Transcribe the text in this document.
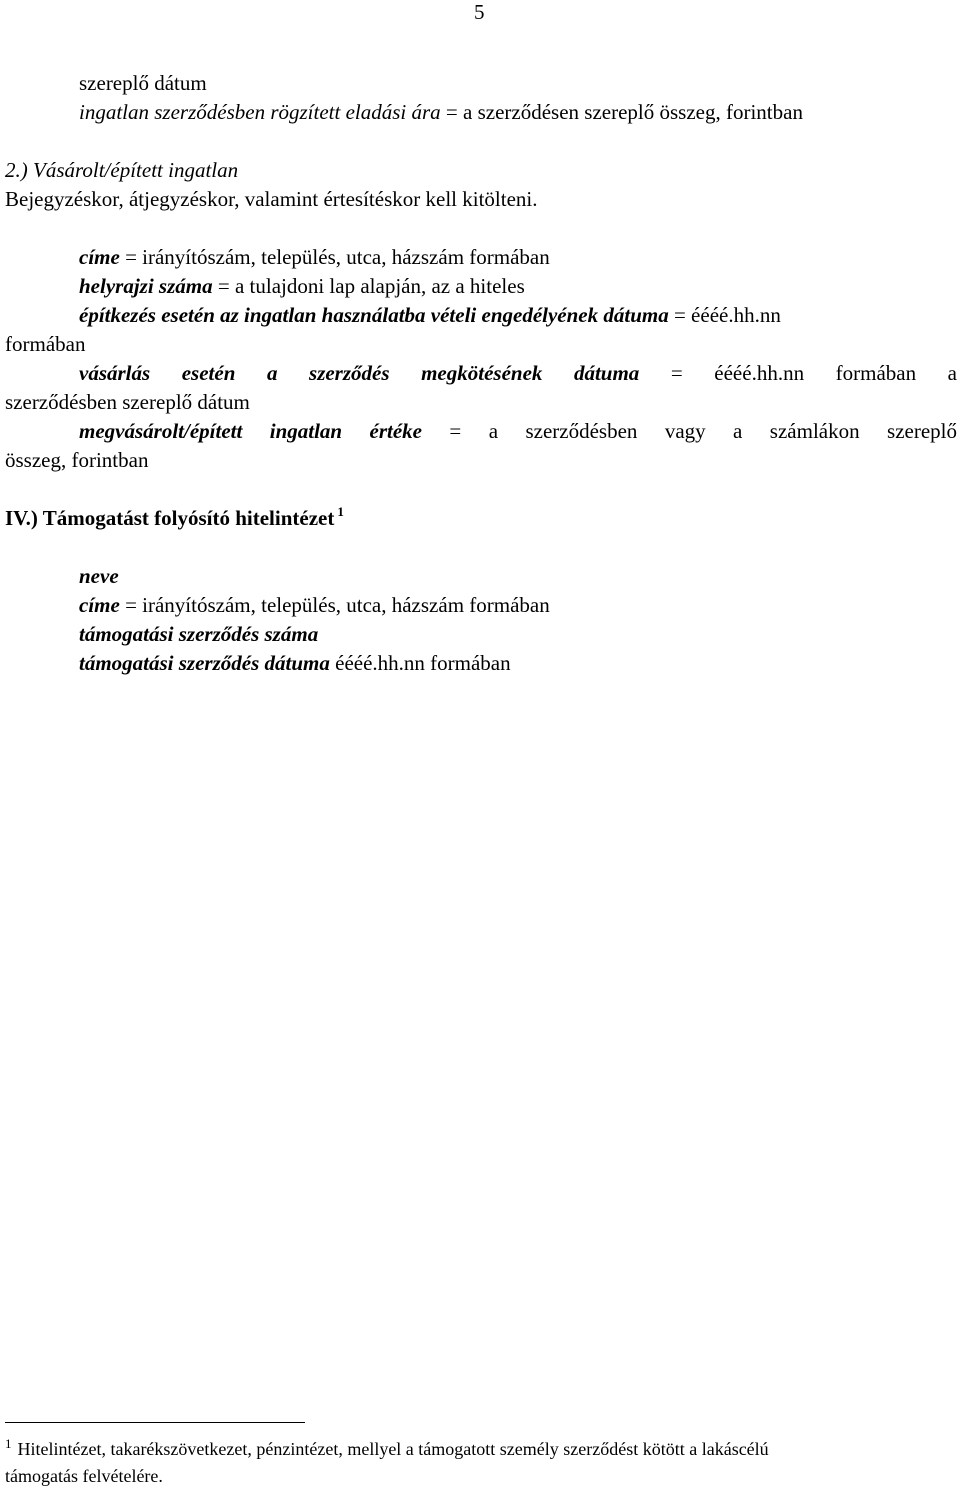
5
szereplő dátum
ingatlan szerződésben rögzített eladási ára = a szerződésen szereplő összeg, forintban
2.) Vásárolt/épített ingatlan
Bejegyzéskor, átjegyzéskor, valamint értesítéskor kell kitölteni.
címe = irányítószám, település, utca, házszám formában
helyrajzi száma = a tulajdoni lap alapján, az a hiteles
építkezés esetén az ingatlan használatba vételi engedélyének dátuma = éééé.hh.nn
formában
vásárlás esetén a szerződés megkötésének dátuma = éééé.hh.nn formában a
szerződésben szereplő dátum
megvásárolt/épített ingatlan értéke = a szerződésben vagy a számlákon szereplő
összeg, forintban
IV.) Támogatást folyósító hitelintézet $^1$
neve
címe = irányítószám, település, utca, házszám formában
támogatási szerződés száma
támogatási szerződés dátuma éééé.hh.nn formában
$^1$ Hitelintézet, takarékszövetkezet, pénzintézet, mellyel a támogatott személy szerződést kötött a lakáscélú
támogatás felvételére.
